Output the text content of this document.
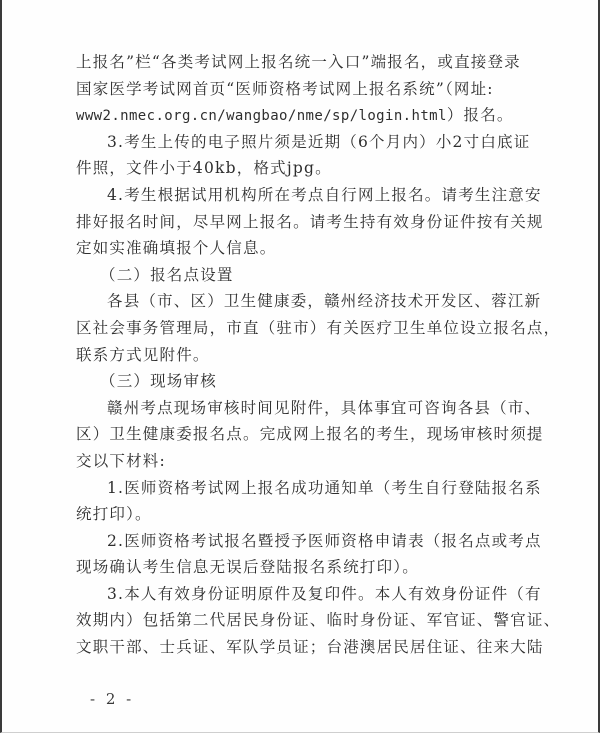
上报名”栏“各类考试网上报名统一入口”端报名，或直接登录
国家医学考试网首页“医师资格考试网上报名系统”（网址:
www2.nmec.org.cn/wangbao/nme/sp/login.html）报名。
3.考生上传的电子照片须是近期（6个月内）小2寸白底证
件照，文件小于40kb，格式jpg。
4.考生根据试用机构所在考点自行网上报名。请考生注意安
排好报名时间，尽早网上报名。请考生持有效身份证件按有关规
定如实准确填报个人信息。
（二）报名点设置
各县（市、区）卫生健康委，赣州经济技术开发区、蓉江新
区社会事务管理局，市直（驻市）有关医疗卫生单位设立报名点，
联系方式见附件。
（三）现场审核
赣州考点现场审核时间见附件，具体事宜可咨询各县（市、
区）卫生健康委报名点。完成网上报名的考生，现场审核时须提
交以下材料:
1.医师资格考试网上报名成功通知单（考生自行登陆报名系
统打印）。
2.医师资格考试报名暨授予医师资格申请表（报名点或考点
现场确认考生信息无误后登陆报名系统打印）。
3.本人有效身份证明原件及复印件。本人有效身份证件（有
效期内）包括第二代居民身份证、临时身份证、军官证、警官证、
文职干部、士兵证、军队学员证；台港澳居民居住证、往来大陆
- 2 -
